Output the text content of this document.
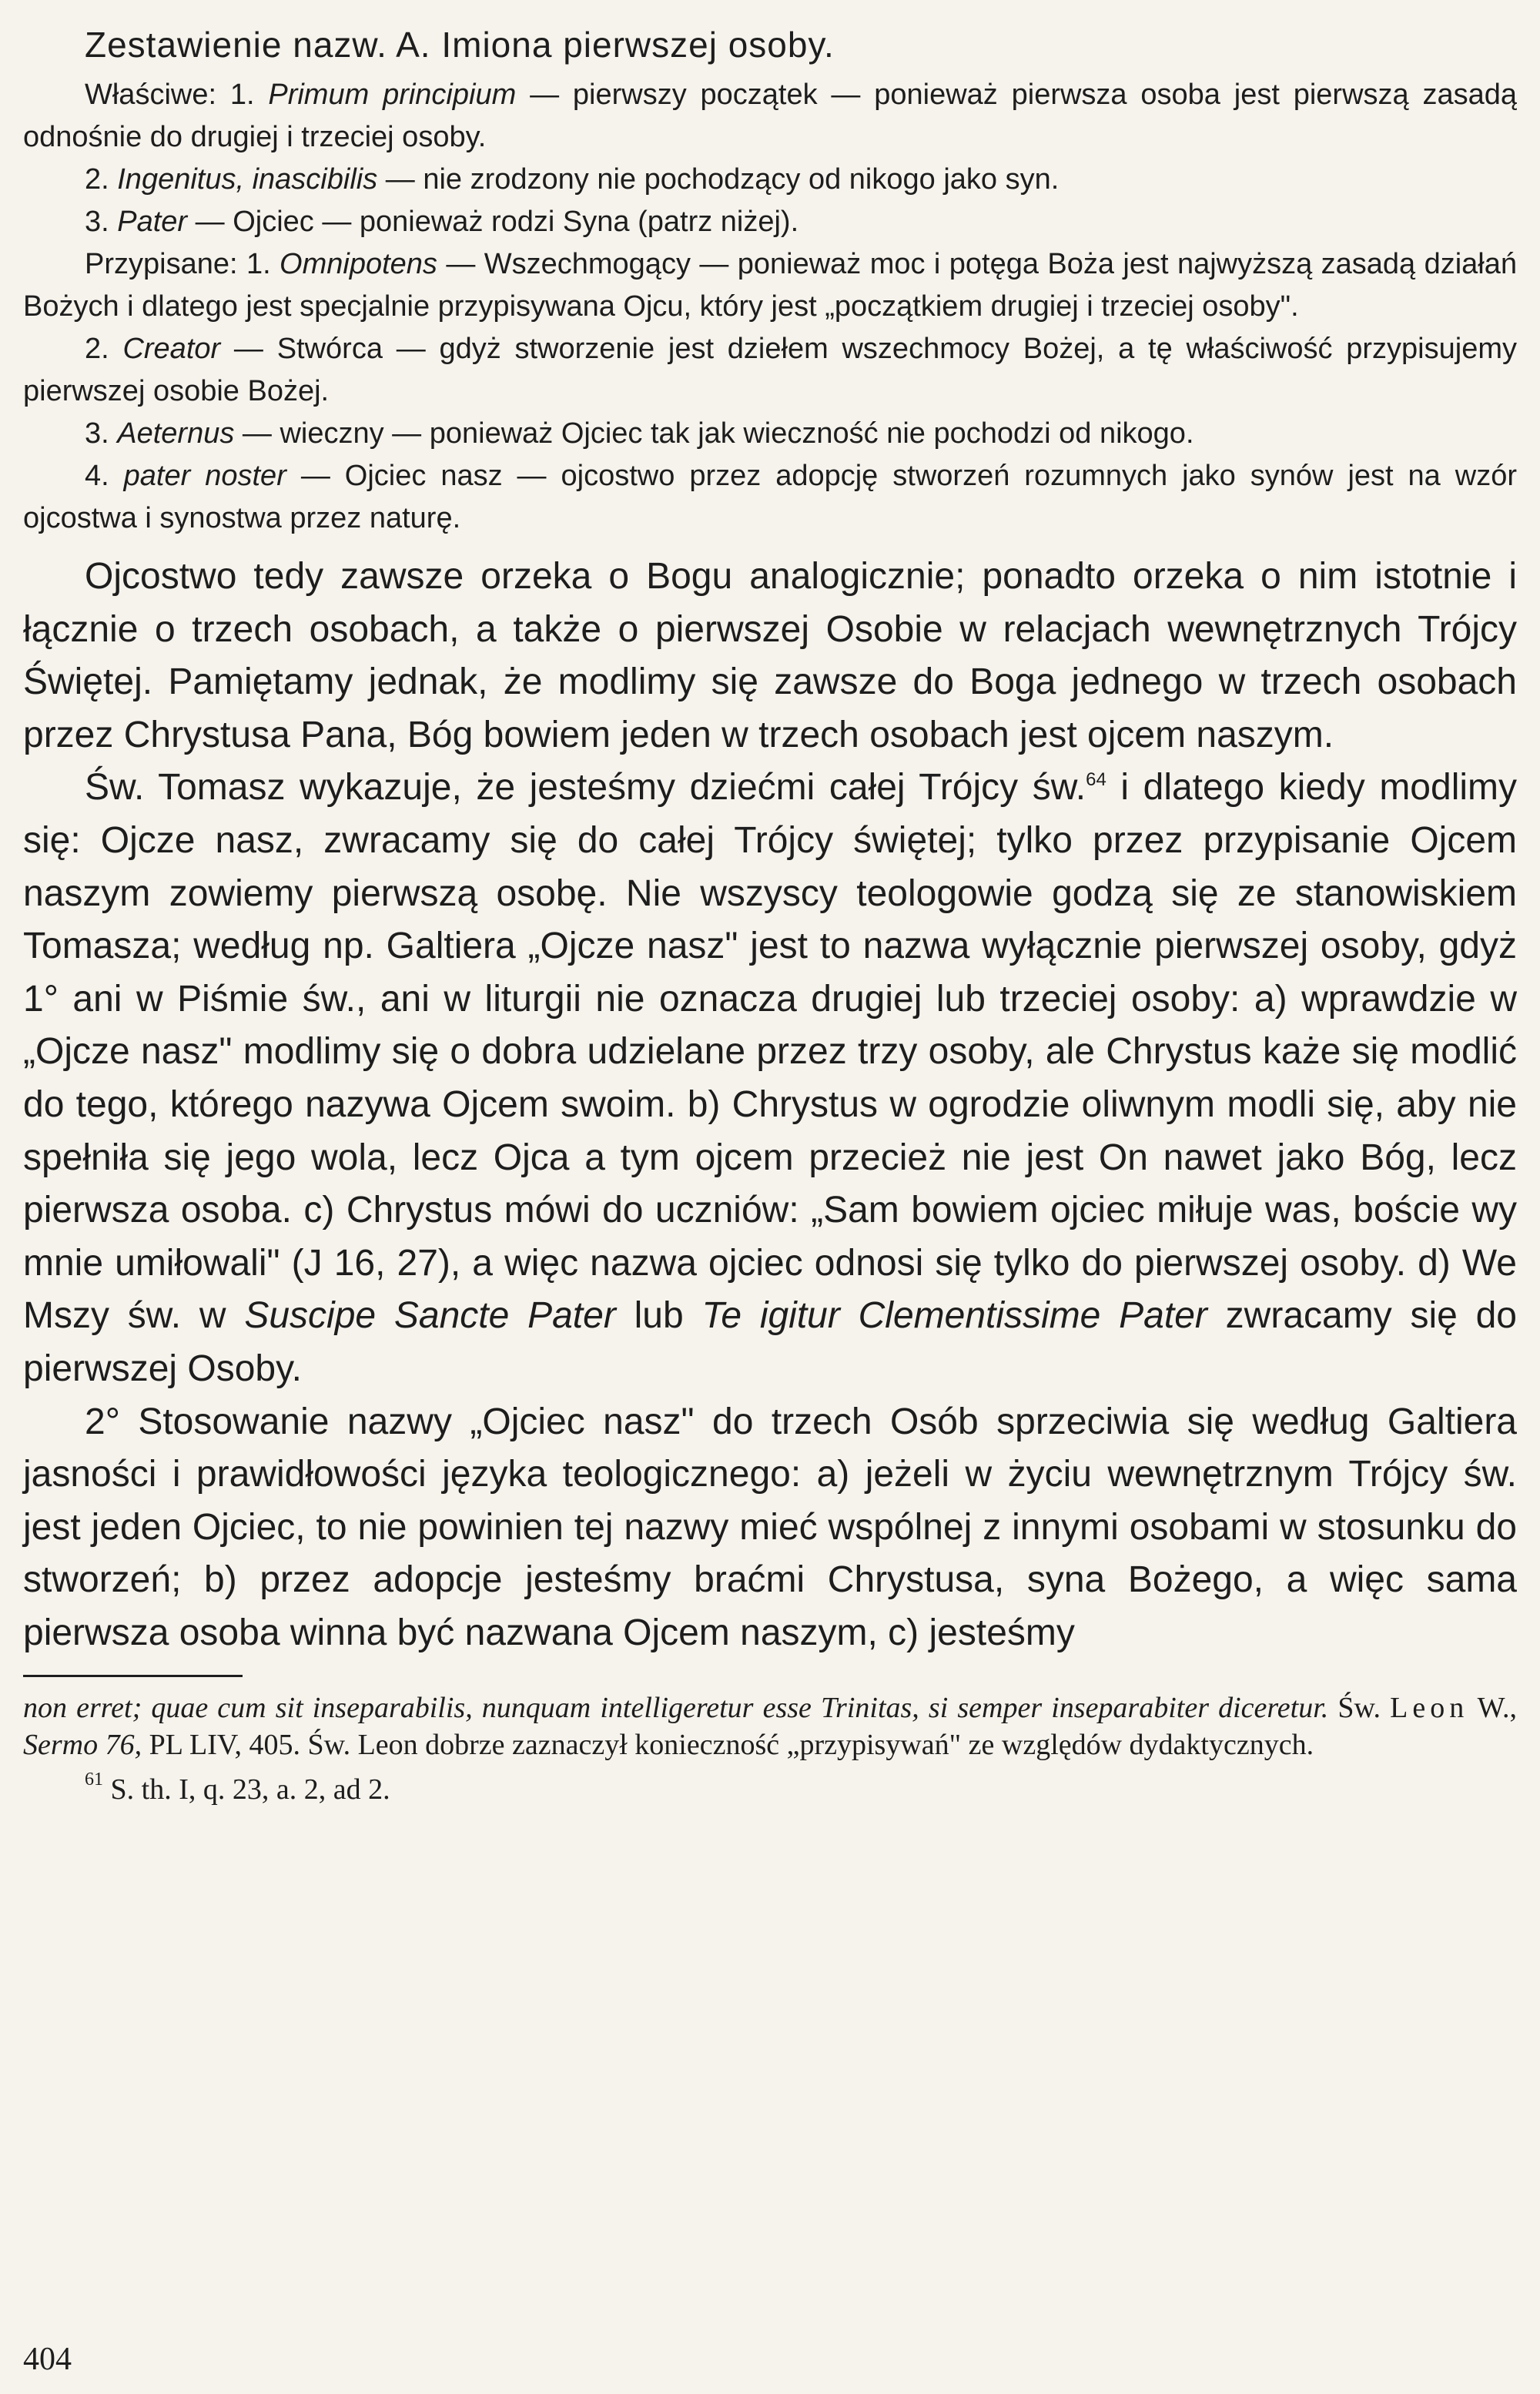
Zestawienie nazw. A. Imiona pierwszej osoby.

Właściwe: 1. Primum principium — pierwszy początek — ponieważ pierwsza osoba jest pierwszą zasadą odnośnie do drugiej i trzeciej osoby.

2. Ingenitus, inascibilis — nie zrodzony nie pochodzący od nikogo jako syn.

3. Pater — Ojciec — ponieważ rodzi Syna (patrz niżej).

Przypisane: 1. Omnipotens — Wszechmogący — ponieważ moc i potęga Boża jest najwyższą zasadą działań Bożych i dlatego jest specjalnie przypisywana Ojcu, który jest „początkiem drugiej i trzeciej osoby".

2. Creator — Stwórca — gdyż stworzenie jest dziełem wszechmocy Bożej, a tę właściwość przypisujemy pierwszej osobie Bożej.

3. Aeternus — wieczny — ponieważ Ojciec tak jak wieczność nie pochodzi od nikogo.

4. pater noster — Ojciec nasz — ojcostwo przez adopcję stworzeń rozumnych jako synów jest na wzór ojcostwa i synostwa przez naturę.

Ojcostwo tedy zawsze orzeka o Bogu analogicznie; ponadto orzeka o nim istotnie i łącznie o trzech osobach, a także o pierwszej Osobie w relacjach wewnętrznych Trójcy Świętej. Pamiętamy jednak, że modlimy się zawsze do Boga jednego w trzech osobach przez Chrystusa Pana, Bóg bowiem jeden w trzech osobach jest ojcem naszym.

Św. Tomasz wykazuje, że jesteśmy dziećmi całej Trójcy św.$^{64}$ i dlatego kiedy modlimy się: Ojcze nasz, zwracamy się do całej Trójcy świętej; tylko przez przypisanie Ojcem naszym zowiemy pierwszą osobę. Nie wszyscy teologowie godzą się ze stanowiskiem Tomasza; według np. Galtiera „Ojcze nasz" jest to nazwa wyłącznie pierwszej osoby, gdyż 1° ani w Piśmie św., ani w liturgii nie oznacza drugiej lub trzeciej osoby: a) wprawdzie w „Ojcze nasz" modlimy się o dobra udzielane przez trzy osoby, ale Chrystus każe się modlić do tego, którego nazywa Ojcem swoim. b) Chrystus w ogrodzie oliwnym modli się, aby nie spełniła się jego wola, lecz Ojca a tym ojcem przecież nie jest On nawet jako Bóg, lecz pierwsza osoba. c) Chrystus mówi do uczniów: „Sam bowiem ojciec miłuje was, boście wy mnie umiłowali" (J 16, 27), a więc nazwa ojciec odnosi się tylko do pierwszej osoby. d) We Mszy św. w Suscipe Sancte Pater lub Te igitur Clementissime Pater zwracamy się do pierwszej Osoby.

2° Stosowanie nazwy „Ojciec nasz" do trzech Osób sprzeciwia się według Galtiera jasności i prawidłowości języka teologicznego: a) jeżeli w życiu wewnętrznym Trójcy św. jest jeden Ojciec, to nie powinien tej nazwy mieć wspólnej z innymi osobami w stosunku do stworzeń; b) przez adopcje jesteśmy braćmi Chrystusa, syna Bożego, a więc sama pierwsza osoba winna być nazwana Ojcem naszym, c) jesteśmy

non erret; quae cum sit inseparabilis, nunquam intelligeretur esse Trinitas, si semper inseparabiter diceretur. Św. Leon W., Sermo 76, PL LIV, 405. Św. Leon dobrze zaznaczył konieczność „przypisywań" ze względów dydaktycznych.

$^{61}$ S. th. I, q. 23, a. 2, ad 2.

404
